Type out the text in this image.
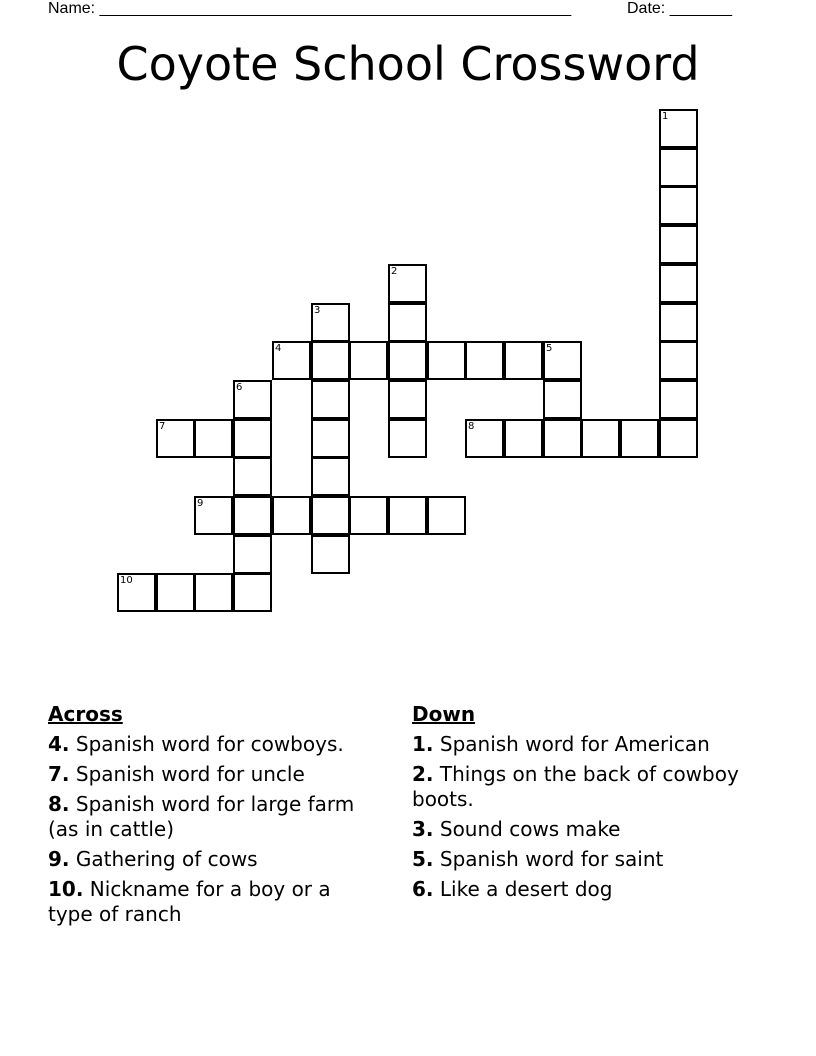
Name: _____________________________________________________	Date: _______
Coyote School Crossword
4	5
7	8
9
10
1
2
3
6
Across
4. Spanish word for cowboys.
7. Spanish word for uncle
8. Spanish word for large farm (as in cattle)
9. Gathering of cows
10. Nickname for a boy or a type of ranch
Down
1. Spanish word for American
2. Things on the back of cowboy boots.
3. Sound cows make
5. Spanish word for saint
6. Like a desert dog
